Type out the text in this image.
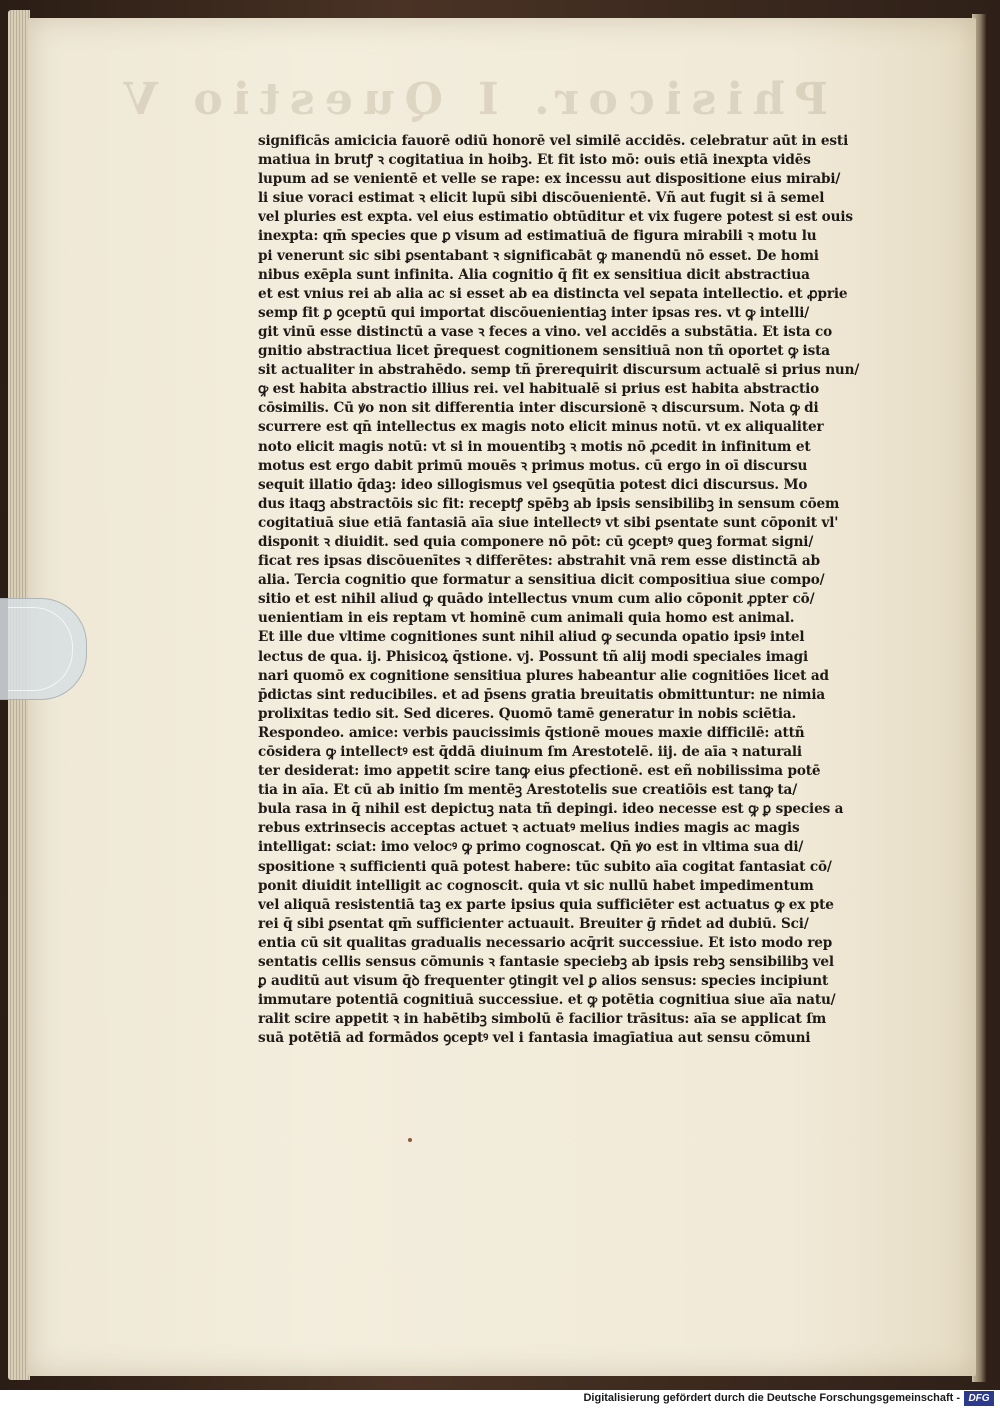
Phisicor. I Questio V
significās amicicia fauorē odiū honorē vel similē accidēs. celebratur aūt in esti
matiua in brutꝭ ꝛ cogitatiua in hoibꝫ. Et fit isto mō: ouis etiā inexpta vidēs
lupum ad se venientē et velle se rape: ex incessu aut dispositione eius mirabi/
li siue voraci estimat ꝛ elicit lupū sibi discōuenientē. Vñ aut fugit si ā semel
vel pluries est expta. vel eius estimatio obtūditur et vix fugere potest si est ouis
inexpta: qm̄ species que ꝑ visum ad estimatiuā de figura mirabili ꝛ motu lu
pi venerunt sic sibi ꝑsentabant ꝛ significabāt ꝙ manendū nō esset. De homi
nibus exēpla sunt infinita. Alia cognitio q̄ fit ex sensitiua dicit abstractiua
et est vnius rei ab alia ac si esset ab ea distincta vel sepata intellectio. et ꝓprie
semp fit ꝑ ꝯceptū qui importat discōuenientiaꝫ inter ipsas res. vt ꝙ intelli/
git vinū esse distinctū a vase ꝛ feces a vino. vel accidēs a substātia. Et ista co
gnitio abstractiua licet p̄request cognitionem sensitiuā non tñ oportet ꝙ ista
sit actualiter in abstrahēdo. semp tñ p̄rerequirit discursum actualē si prius nun/
ꝙ est habita abstractio illius rei. vel habitualē si prius est habita abstractio
cōsimilis. Cū ꝟo non sit differentia inter discursionē ꝛ discursum. Nota ꝙ di
scurrere est qn̄ intellectus ex magis noto elicit minus notū. vt ex aliqualiter
noto elicit magis notū: vt si in mouentibꝫ ꝛ motis nō ꝓcedit in infinitum et
motus est ergo dabit primū mouēs ꝛ primus motus. cū ergo in oī discursu
sequit illatio q̄daꝫ: ideo sillogismus vel ꝯseqūtia potest dici discursus. Mo
dus itaqꝫ abstractōis sic fit: receptꝭ spēbꝫ ab ipsis sensibilibꝫ in sensum cōem
cogitatiuā siue etiā fantasiā aīa siue intellectꝰ vt sibi ꝑsentate sunt cōponit vl'
disponit ꝛ diuidit. sed quia componere nō pōt: cū ꝯceptꝰ queꝫ format signi/
ficat res ipsas discōuenītes ꝛ differētes: abstrahit vnā rem esse distinctā ab
alia. Tercia cognitio que formatur a sensitiua dicit compositiua siue compo/
sitio et est nihil aliud ꝙ quādo intellectus vnum cum alio cōponit ꝓpter cō/
uenientiam in eis reptam vt hominē cum animali quia homo est animal.
Et ille due vltime cognitiones sunt nihil aliud ꝙ secunda opatio ipsiꝰ intel
lectus de qua. ij. Phisicoꝝ q̄stione. vj. Possunt tñ alij modi speciales imagi
nari quomō ex cognitione sensitiua plures habeantur alie cognitiōes licet ad
p̄dictas sint reducibiles. et ad p̄sens gratia breuitatis obmittuntur: ne nimia
prolixitas tedio sit. Sed diceres. Quomō tamē generatur in nobis sciētia.
Respondeo. amice: verbis paucissimis q̄stionē moues maxie difficilē: attñ
cōsidera ꝙ intellectꝰ est q̄ddā diuinum ſm Arestotelē. iij. de aīa ꝛ naturali
ter desiderat: imo appetit scire tanꝙ eius ꝑfectionē. est eñ nobilissima potē
tia in aīa. Et cū ab initio ſm mentēꝫ Arestotelis sue creatiōis est tanꝙ ta/
bula rasa in q̄ nihil est depictuꝫ nata tñ depingi. ideo necesse est ꝙ ꝑ species a
rebus extrinsecis acceptas actuet ꝛ actuatꝰ melius indies magis ac magis
intelligat: sciat: imo velocꝰ ꝙ primo cognoscat. Qn̄ ꝟo est in vltima sua di/
spositione ꝛ sufficienti quā potest habere: tūc subito aīa cogitat fantasiat cō/
ponit diuidit intelligit ac cognoscit. quia vt sic nullū habet impedimentum
vel aliquā resistentiā taꝫ ex parte ipsius quia sufficiēter est actuatus ꝙ ex pte
rei q̄ sibi ꝑsentat qm̄ sufficienter actuauit. Breuiter ḡ rn̄det ad dubiū. Sci/
entia cū sit qualitas gradualis necessario acq̄rit successiue. Et isto modo rep
sentatis cellis sensus cōmunis ꝛ fantasie speciebꝫ ab ipsis rebꝫ sensibilibꝫ vel
ꝑ auditū aut visum q̄ꝺ frequenter ꝯtingit vel ꝑ alios sensus: species incipiunt
immutare potentiā cognitiuā successiue. et ꝙ potētia cognitiua siue aīa natu/
ralit scire appetit ꝛ in habētibꝫ simbolū ē facilior trāsitus: aīa se applicat ſm
suā potētiā ad formādos ꝯceptꝰ vel i fantasia imagīatiua aut sensu cōmuni
Digitalisierung gefördert durch die Deutsche Forschungsgemeinschaft - DFG
